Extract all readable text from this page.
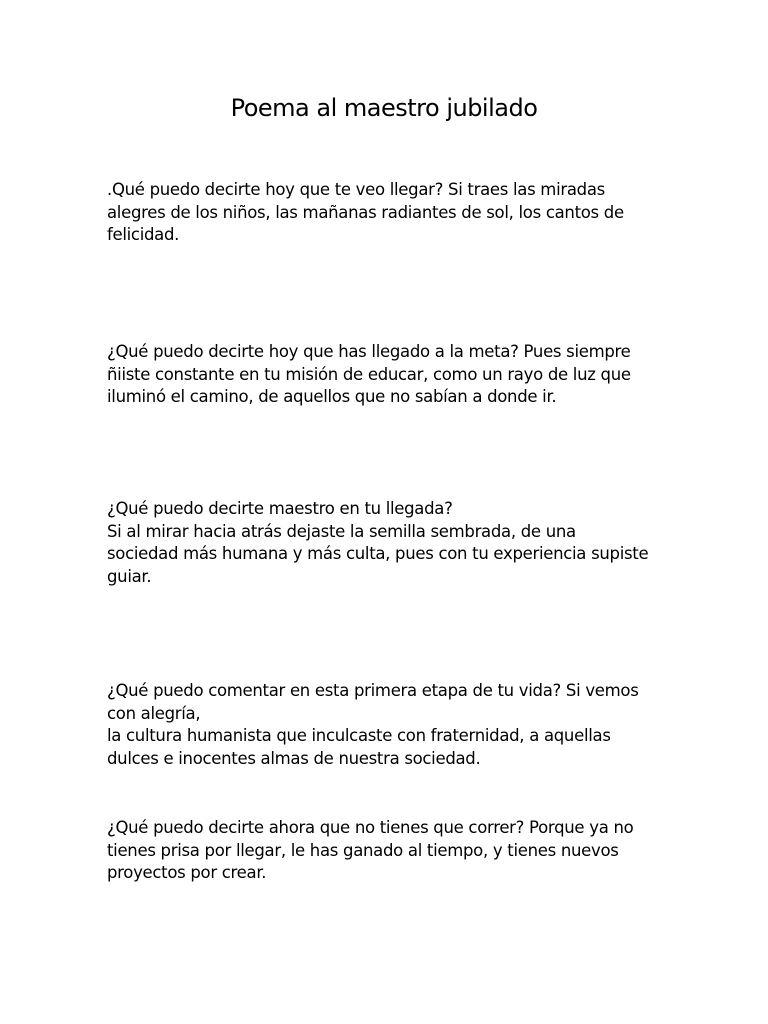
Poema al maestro jubilado

.Qué puedo decirte hoy que te veo llegar? Si traes las miradas
alegres de los niños, las mañanas radiantes de sol, los cantos de
felicidad.

¿Qué puedo decirte hoy que has llegado a la meta? Pues siempre
ñiiste constante en tu misión de educar, como un rayo de luz que
iluminó el camino, de aquellos que no sabían a donde ir.

¿Qué puedo decirte maestro en tu llegada?
Si al mirar hacia atrás dejaste la semilla sembrada, de una
sociedad más humana y más culta, pues con tu experiencia supiste
guiar.

¿Qué puedo comentar en esta primera etapa de tu vida? Si vemos
con alegría,
la cultura humanista que inculcaste con fraternidad, a aquellas
dulces e inocentes almas de nuestra sociedad.

¿Qué puedo decirte ahora que no tienes que correr? Porque ya no
tienes prisa por llegar, le has ganado al tiempo, y tienes nuevos
proyectos por crear.
